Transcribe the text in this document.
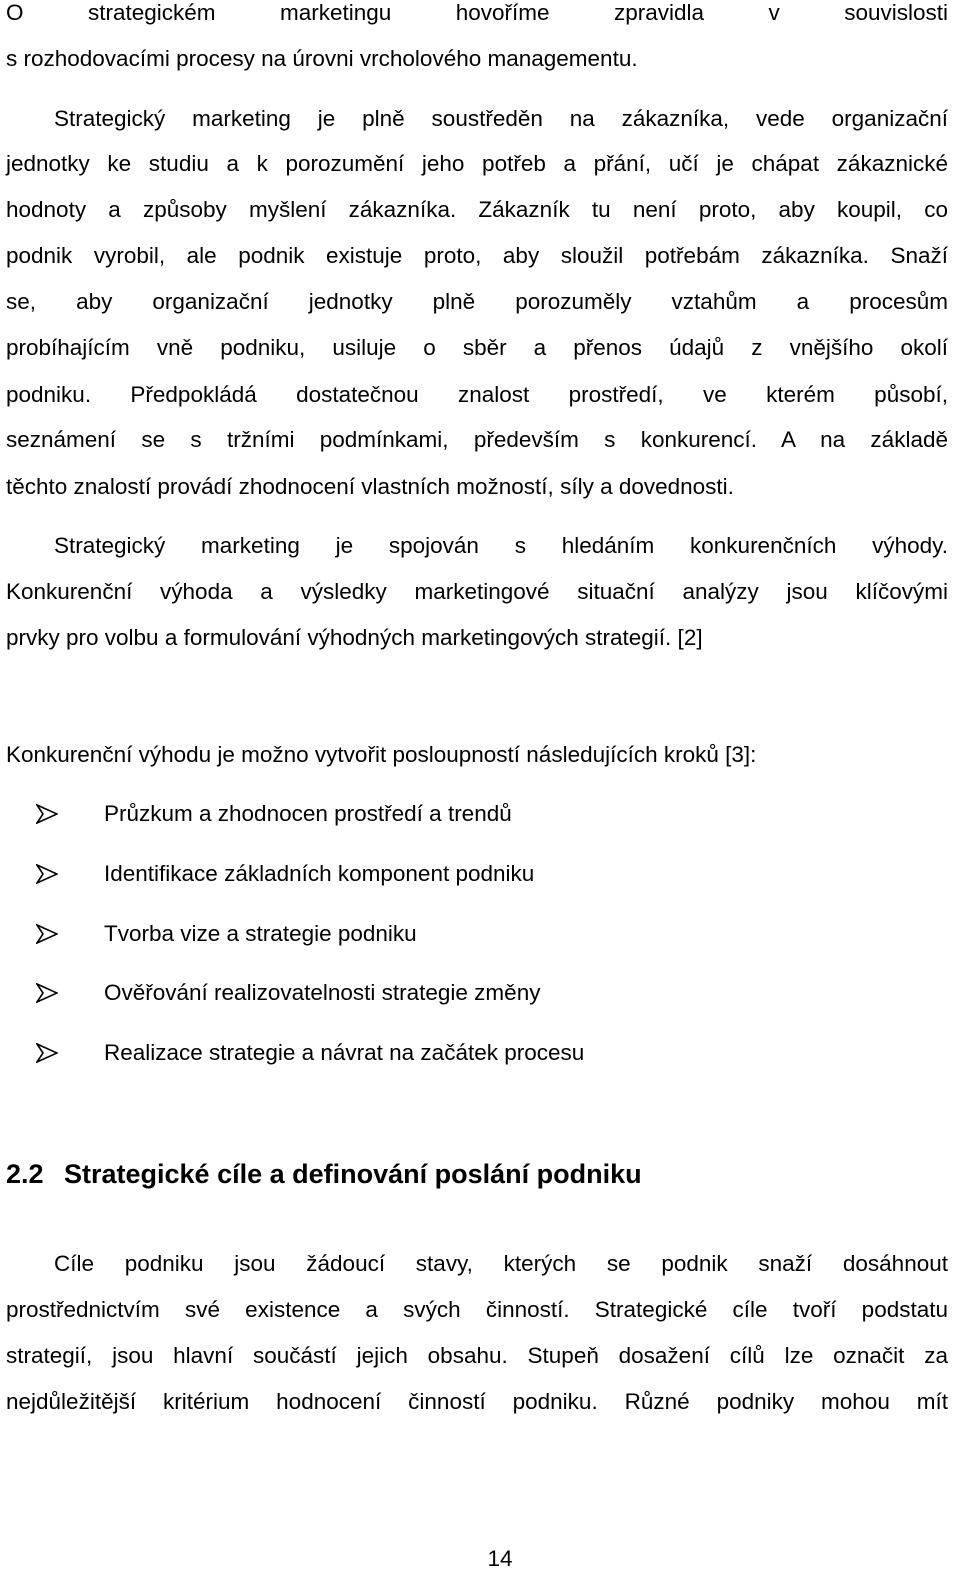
O strategickém marketingu hovoříme zpravidla v souvislosti
s rozhodovacími procesy na úrovni vrcholového managementu.
Strategický marketing je plně soustředěn na zákazníka, vede organizační
jednotky ke studiu a k porozumění jeho potřeb a přání, učí je chápat zákaznické
hodnoty a způsoby myšlení zákazníka. Zákazník tu není proto, aby koupil, co
podnik vyrobil, ale podnik existuje proto, aby sloužil potřebám zákazníka. Snaží
se, aby organizační jednotky plně porozuměly vztahům a procesům
probíhajícím vně podniku, usiluje o sběr a přenos údajů z vnějšího okolí
podniku. Předpokládá dostatečnou znalost prostředí, ve kterém působí,
seznámení se s tržními podmínkami, především s konkurencí. A na základě
těchto znalostí provádí zhodnocení vlastních možností, síly a dovednosti.
Strategický marketing je spojován s hledáním konkurenčních výhody.
Konkurenční výhoda a výsledky marketingové situační analýzy jsou klíčovými
prvky pro volbu a formulování výhodných marketingových strategií. [2]
Konkurenční výhodu je možno vytvořit posloupností následujících kroků [3]:
Průzkum a zhodnocen prostředí a trendů
Identifikace základních komponent podniku
Tvorba vize a strategie podniku
Ověřování realizovatelnosti strategie změny
Realizace strategie a návrat na začátek procesu
2.2 Strategické cíle a definování poslání podniku
Cíle podniku jsou žádoucí stavy, kterých se podnik snaží dosáhnout
prostřednictvím své existence a svých činností. Strategické cíle tvoří podstatu
strategií, jsou hlavní součástí jejich obsahu. Stupeň dosažení cílů lze označit za
nejdůležitější kritérium hodnocení činností podniku. Různé podniky mohou mít
14
